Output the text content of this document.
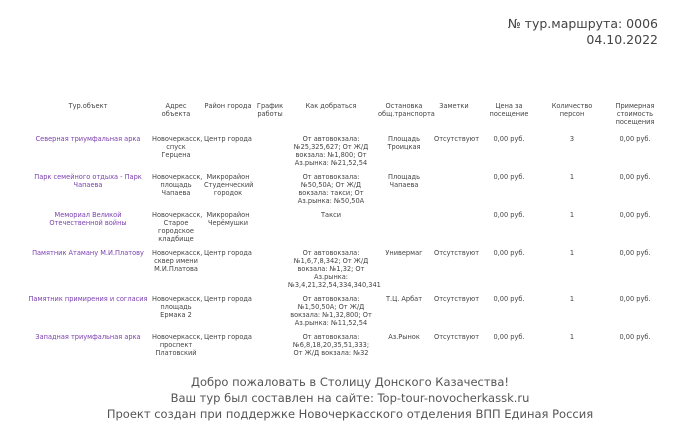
№ тур.маршрута: 0006
04.10.2022
Тур.объект	Адрес объекта	Район города	График работы	Как добраться	Остановка общ.транспорта	Заметки	Цена за посещение	Количество персон	Примерная стоимость посещения
Северная триумфальная арка	Новочеркасск, спуск Герцена	Центр города		От автовокзала: №25,325,627; От Ж/Д вокзала: №1,800; От Аз.рынка: №21,52,54	Площадь Троицкая	Отсутствуют	0,00 руб.	3	0,00 руб.
Парк семейного отдыха - Парк Чапаева	Новочеркасск, площадь Чапаева	Микрорайон Студенческий городок		От автовокзала: №50,50А; От Ж/Д вокзала: такси; От Аз.рынка: №50,50А	Площадь Чапаева		0,00 руб.	1	0,00 руб.
Мемориал Великой Отечественной войны	Новочеркасск, Старое городское кладбище	Микрорайон Черёмушки		Такси			0,00 руб.	1	0,00 руб.
Памятник Атаману М.И.Платову	Новочеркасск, сквер имени М.И.Платова	Центр города		От автовокзала: №1,6,7,8,342; От Ж/Д вокзала: №1,32; От Аз.рынка: №3,4,21,32,54,334,340,341	Универмаг	Отсутствуют	0,00 руб.	1	0,00 руб.
Памятник примирения и согласия	Новочеркасск, площадь Ермака 2	Центр города		От автовокзала: №1,50,50А; От Ж/Д вокзала: №1,32,800; От Аз.рынка: №11,52,54	Т.Ц. Арбат	Отсутствуют	0,00 руб.	1	0,00 руб.
Западная триумфальная арка	Новочеркасск, проспект Платовский	Центр города		От автовокзала: №6,8,18,20,35,51,333; От Ж/Д вокзала: №32	Аз.Рынок	Отсутствуют	0,00 руб.	1	0,00 руб.
Добро пожаловать в Столицу Донского Казачества!
Ваш тур был составлен на сайте: Top-tour-novocherkassk.ru
Проект создан при поддержке Новочеркасского отделения ВПП Единая Россия
